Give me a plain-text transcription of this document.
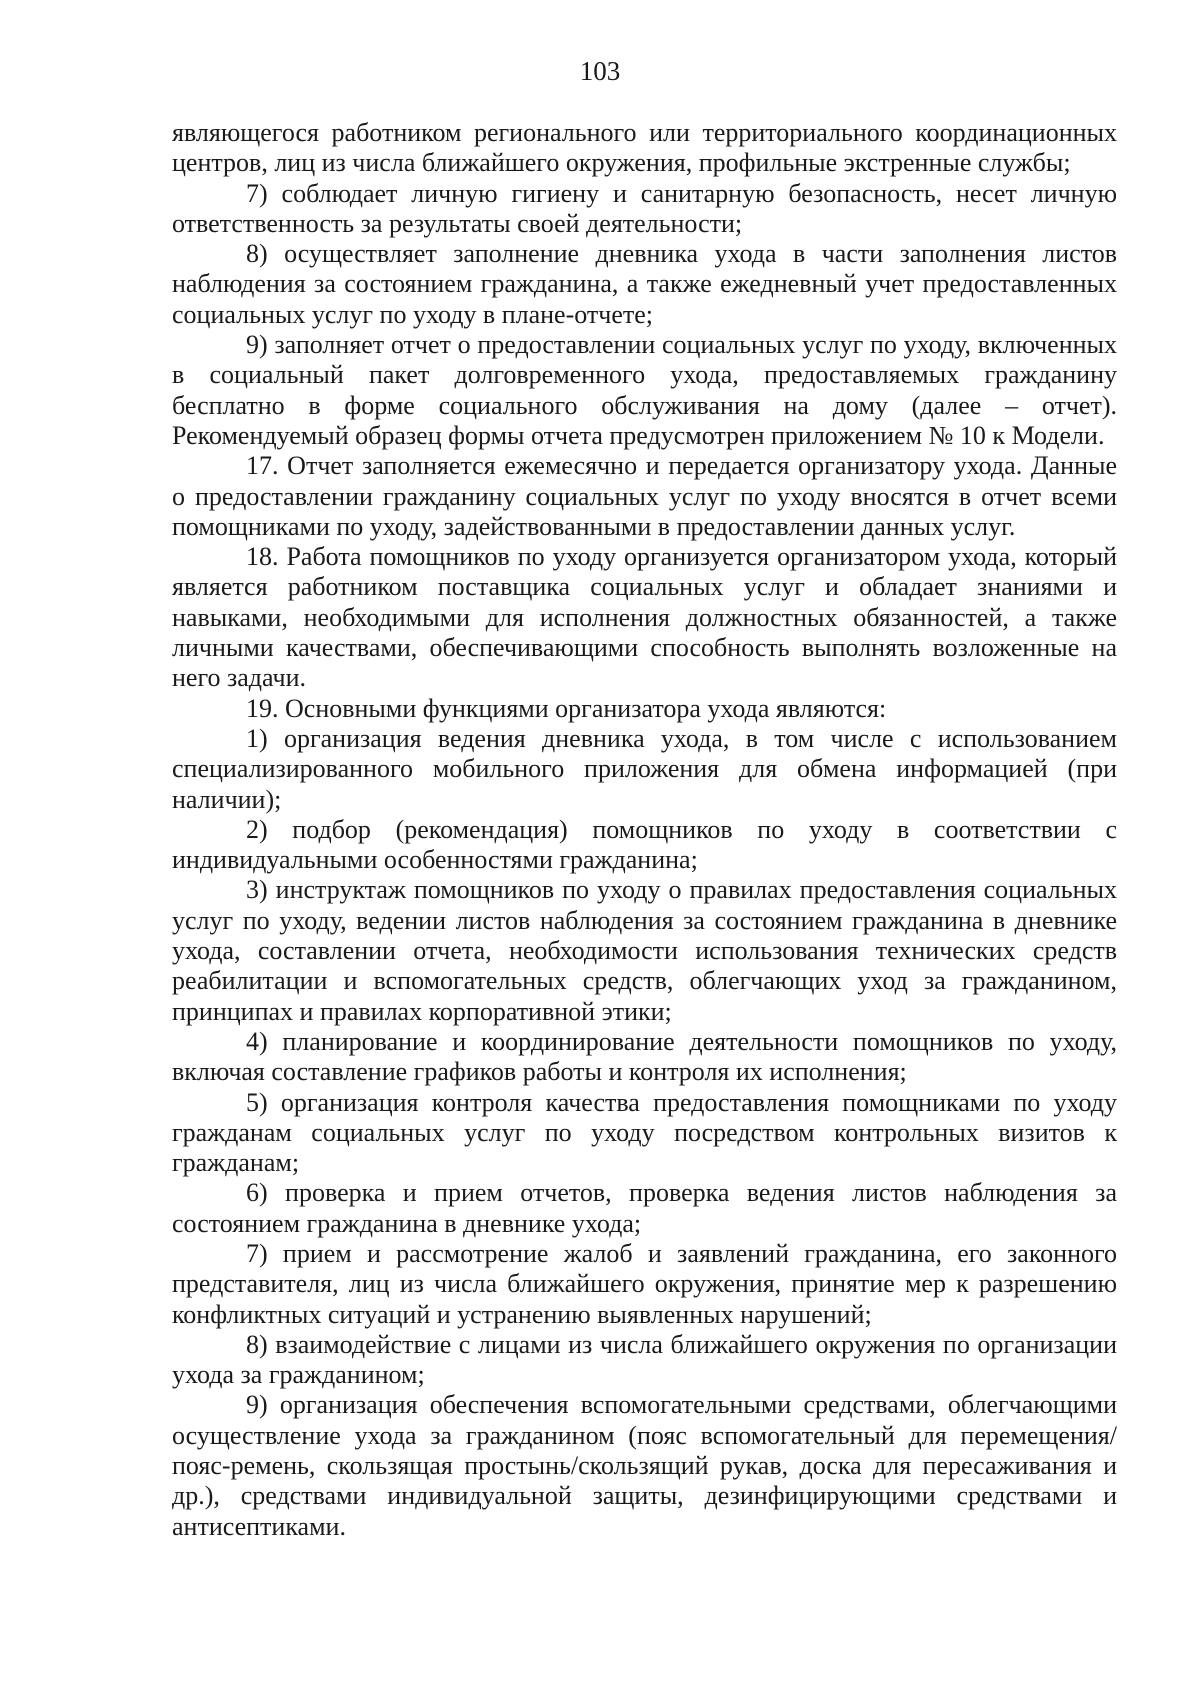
103

являющегося работником регионального или территориального координационных центров, лиц из числа ближайшего окружения, профильные экстренные службы;

7) соблюдает личную гигиену и санитарную безопасность, несет личную ответственность за результаты своей деятельности;

8) осуществляет заполнение дневника ухода в части заполнения листов наблюдения за состоянием гражданина, а также ежедневный учет предоставленных социальных услуг по уходу в плане-отчете;

9) заполняет отчет о предоставлении социальных услуг по уходу, включенных в социальный пакет долговременного ухода, предоставляемых гражданину бесплатно в форме социального обслуживания на дому (далее – отчет). Рекомендуемый образец формы отчета предусмотрен приложением № 10 к Модели.

17. Отчет заполняется ежемесячно и передается организатору ухода. Данные о предоставлении гражданину социальных услуг по уходу вносятся в отчет всеми помощниками по уходу, задействованными в предоставлении данных услуг.

18. Работа помощников по уходу организуется организатором ухода, который является работником поставщика социальных услуг и обладает знаниями и навыками, необходимыми для исполнения должностных обязанностей, а также личными качествами, обеспечивающими способность выполнять возложенные на него задачи.

19. Основными функциями организатора ухода являются:

1) организация ведения дневника ухода, в том числе с использованием специализированного мобильного приложения для обмена информацией (при наличии);

2) подбор (рекомендация) помощников по уходу в соответствии с индивидуальными особенностями гражданина;

3) инструктаж помощников по уходу о правилах предоставления социальных услуг по уходу, ведении листов наблюдения за состоянием гражданина в дневнике ухода, составлении отчета, необходимости использования технических средств реабилитации и вспомогательных средств, облегчающих уход за гражданином, принципах и правилах корпоративной этики;

4) планирование и координирование деятельности помощников по уходу, включая составление графиков работы и контроля их исполнения;

5) организация контроля качества предоставления помощниками по уходу гражданам социальных услуг по уходу посредством контрольных визитов к гражданам;

6) проверка и прием отчетов, проверка ведения листов наблюдения за состоянием гражданина в дневнике ухода;

7) прием и рассмотрение жалоб и заявлений гражданина, его законного представителя, лиц из числа ближайшего окружения, принятие мер к разрешению конфликтных ситуаций и устранению выявленных нарушений;

8) взаимодействие с лицами из числа ближайшего окружения по организации ухода за гражданином;

9) организация обеспечения вспомогательными средствами, облегчающими осуществление ухода за гражданином (пояс вспомогательный для перемещения/пояс-ремень, скользящая простынь/скользящий рукав, доска для пересаживания и др.), средствами индивидуальной защиты, дезинфицирующими средствами и антисептиками.
